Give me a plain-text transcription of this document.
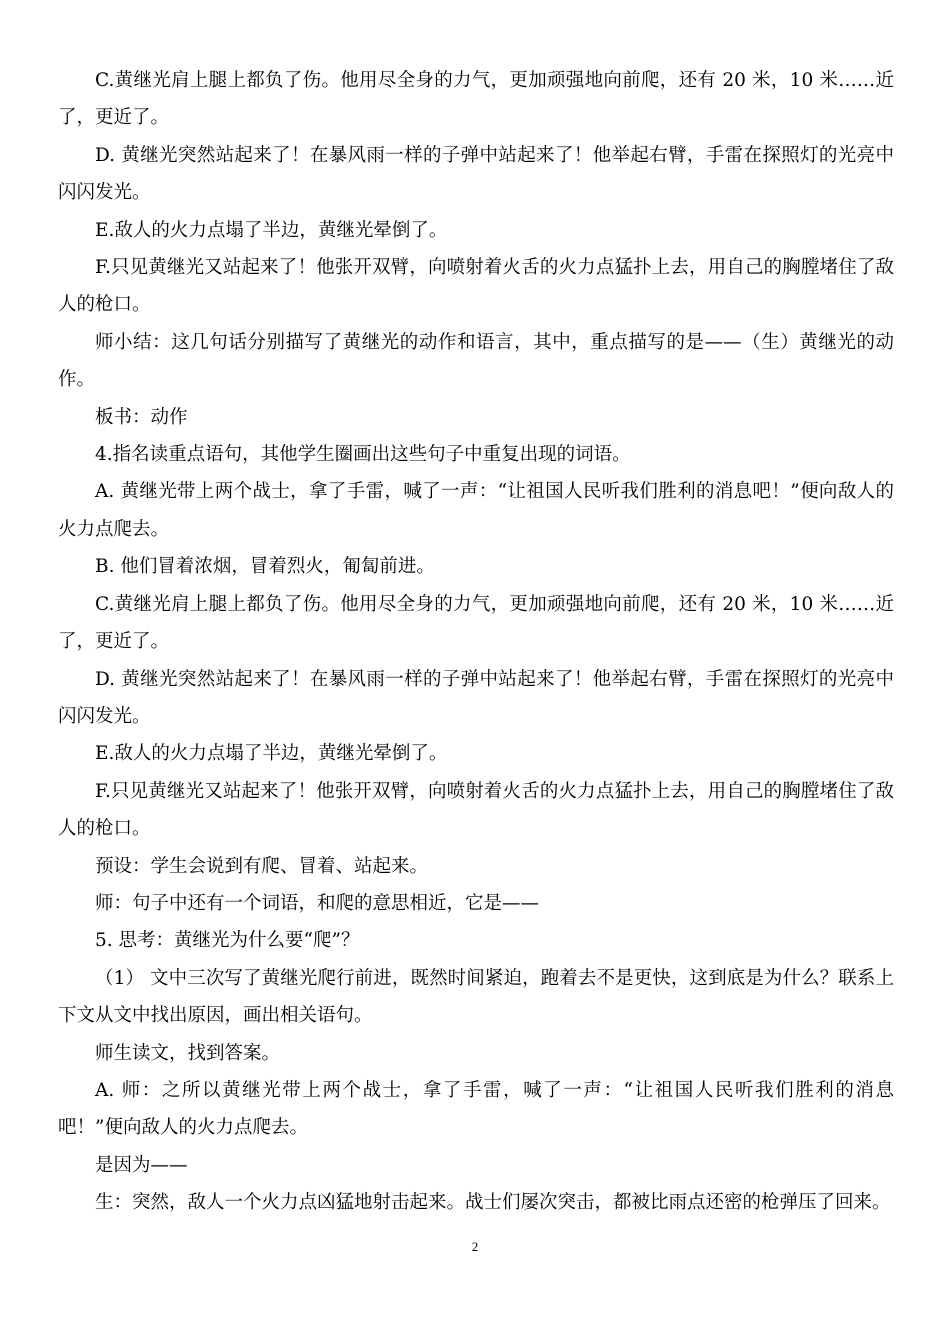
C.黄继光肩上腿上都负了伤。他用尽全身的力气，更加顽强地向前爬，还有 20 米，10 米……近了，更近了。

D. 黄继光突然站起来了！在暴风雨一样的子弹中站起来了！他举起右臂，手雷在探照灯的光亮中闪闪发光。

E.敌人的火力点塌了半边，黄继光晕倒了。

F.只见黄继光又站起来了！他张开双臂，向喷射着火舌的火力点猛扑上去，用自己的胸膛堵住了敌人的枪口。

师小结：这几句话分别描写了黄继光的动作和语言，其中，重点描写的是——（生）黄继光的动作。

板书：动作

4.指名读重点语句，其他学生圈画出这些句子中重复出现的词语。

A. 黄继光带上两个战士，拿了手雷，喊了一声：“让祖国人民听我们胜利的消息吧！”便向敌人的火力点爬去。

B. 他们冒着浓烟，冒着烈火，匍匐前进。

C.黄继光肩上腿上都负了伤。他用尽全身的力气，更加顽强地向前爬，还有 20 米，10 米……近了，更近了。

D. 黄继光突然站起来了！在暴风雨一样的子弹中站起来了！他举起右臂，手雷在探照灯的光亮中闪闪发光。

E.敌人的火力点塌了半边，黄继光晕倒了。

F.只见黄继光又站起来了！他张开双臂，向喷射着火舌的火力点猛扑上去，用自己的胸膛堵住了敌人的枪口。

预设：学生会说到有爬、冒着、站起来。

师：句子中还有一个词语，和爬的意思相近，它是——

5. 思考：黄继光为什么要“爬”？

（1） 文中三次写了黄继光爬行前进，既然时间紧迫，跑着去不是更快，这到底是为什么？联系上下文从文中找出原因，画出相关语句。

师生读文，找到答案。

A. 师：之所以黄继光带上两个战士，拿了手雷，喊了一声：“让祖国人民听我们胜利的消息吧！”便向敌人的火力点爬去。

是因为——

生：突然，敌人一个火力点凶猛地射击起来。战士们屡次突击，都被比雨点还密的枪弹压了回来。

2
